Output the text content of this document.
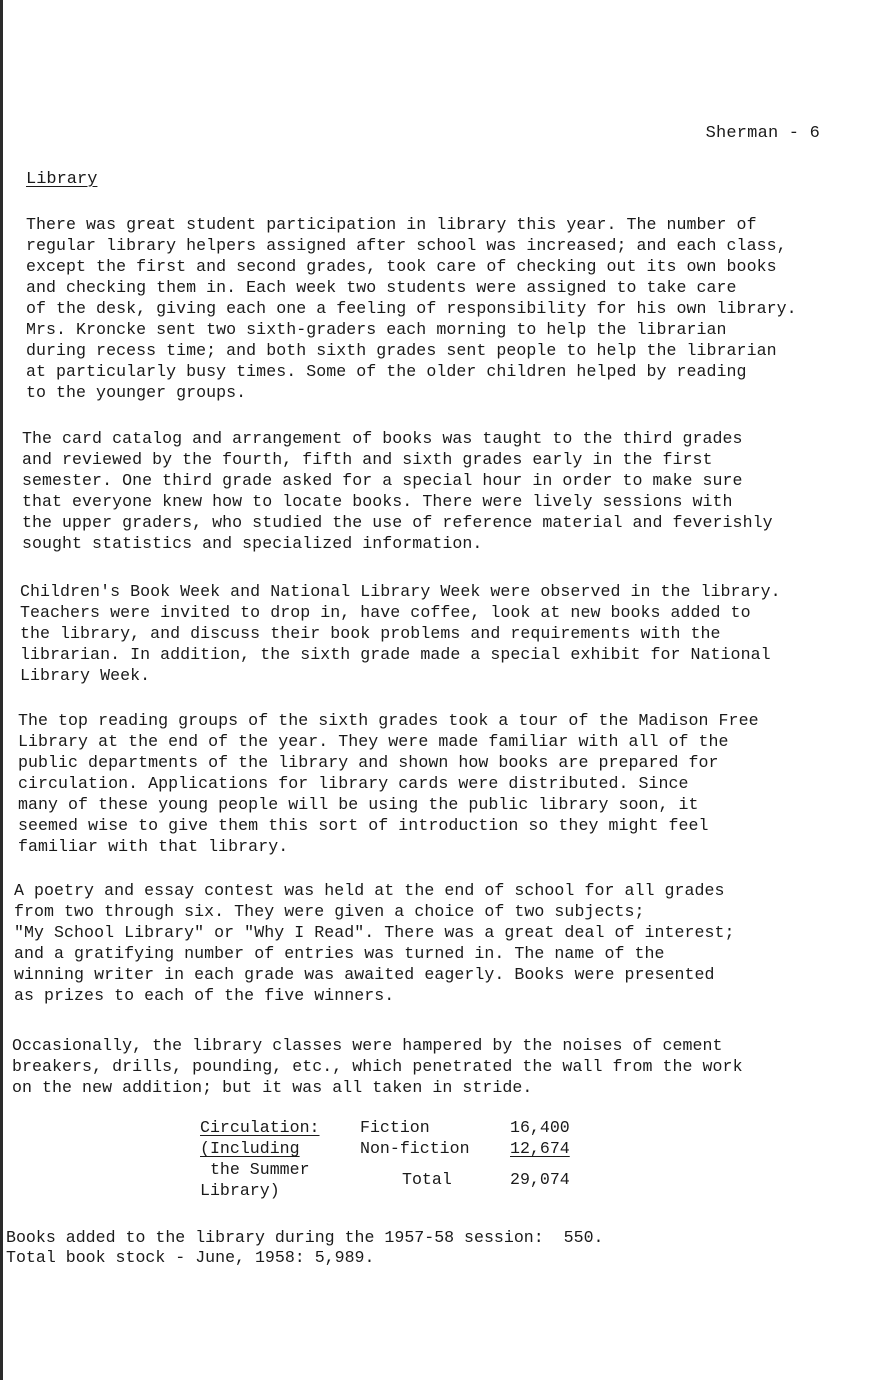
Sherman - 6
Library

There was great student participation in library this year. The number of
regular library helpers assigned after school was increased; and each class,
except the first and second grades, took care of checking out its own books
and checking them in. Each week two students were assigned to take care
of the desk, giving each one a feeling of responsibility for his own library.
Mrs. Kroncke sent two sixth-graders each morning to help the librarian
during recess time; and both sixth grades sent people to help the librarian
at particularly busy times. Some of the older children helped by reading
to the younger groups.

The card catalog and arrangement of books was taught to the third grades
and reviewed by the fourth, fifth and sixth grades early in the first
semester. One third grade asked for a special hour in order to make sure
that everyone knew how to locate books. There were lively sessions with
the upper graders, who studied the use of reference material and feverishly
sought statistics and specialized information.

Children's Book Week and National Library Week were observed in the library.
Teachers were invited to drop in, have coffee, look at new books added to
the library, and discuss their book problems and requirements with the
librarian. In addition, the sixth grade made a special exhibit for National
Library Week.

The top reading groups of the sixth grades took a tour of the Madison Free
Library at the end of the year. They were made familiar with all of the
public departments of the library and shown how books are prepared for
circulation. Applications for library cards were distributed. Since
many of these young people will be using the public library soon, it
seemed wise to give them this sort of introduction so they might feel
familiar with that library.

A poetry and essay contest was held at the end of school for all grades
from two through six. They were given a choice of two subjects;
"My School Library" or "Why I Read". There was a great deal of interest;
and a gratifying number of entries was turned in. The name of the
winning writer in each grade was awaited eagerly. Books were presented
as prizes to each of the five winners.

Occasionally, the library classes were hampered by the noises of cement
breakers, drills, pounding, etc., which penetrated the wall from the work
on the new addition; but it was all taken in stride.

Circulation:
(Including
the Summer
Library)
Fiction
Non-fiction
Total
16,400
12,674
29,074
Books added to the library during the 1957-58 session: 550.
Total book stock - June, 1958: 5,989.
